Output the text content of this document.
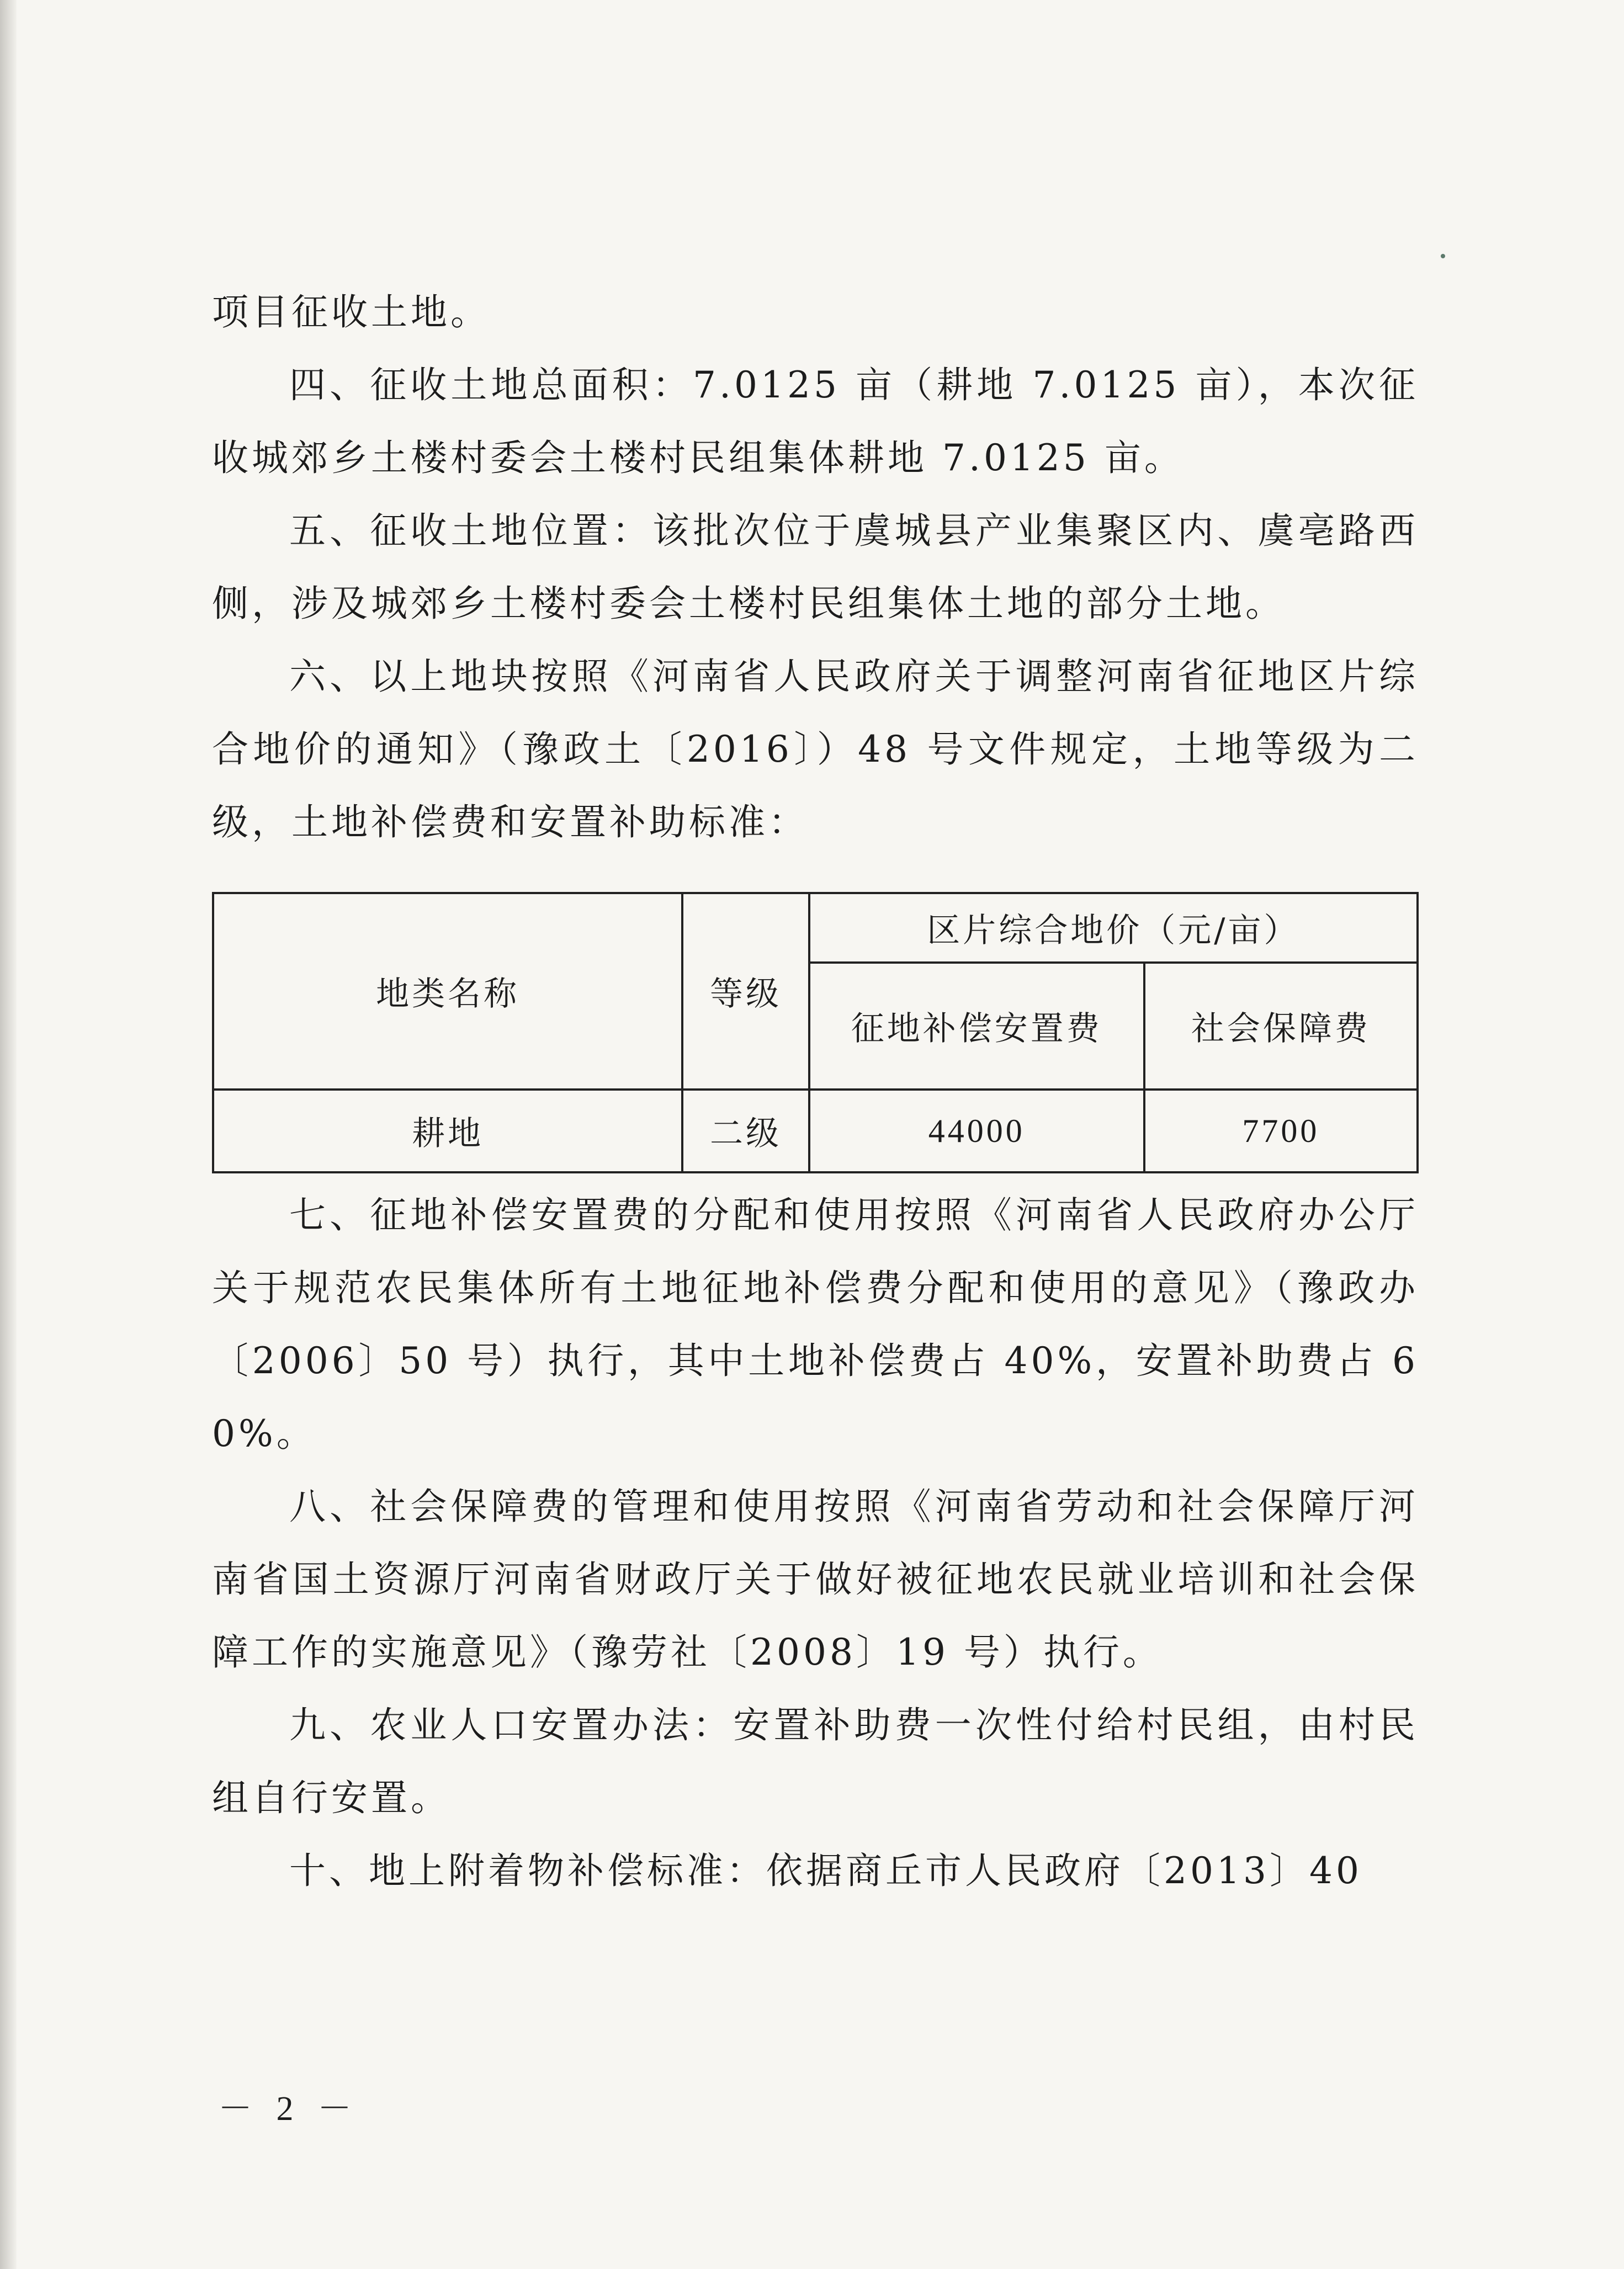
项目征收土地。

四、征收土地总面积：7.0125 亩（耕地 7.0125 亩），本次征收城郊乡土楼村委会土楼村民组集体耕地 7.0125 亩。

五、征收土地位置：该批次位于虞城县产业集聚区内、虞亳路西侧，涉及城郊乡土楼村委会土楼村民组集体土地的部分土地。

六、以上地块按照《河南省人民政府关于调整河南省征地区片综合地价的通知》（豫政土〔2016〕）48 号文件规定，土地等级为二级，土地补偿费和安置补助标准：

地类名称	等级	区片综合地价（元/亩）	
		征地补偿安置费	社会保障费
耕地	二级	44000	7700

七、征地补偿安置费的分配和使用按照《河南省人民政府办公厅关于规范农民集体所有土地征地补偿费分配和使用的意见》（豫政办〔2006〕50 号）执行，其中土地补偿费占 40%，安置补助费占 60%。

八、社会保障费的管理和使用按照《河南省劳动和社会保障厅河南省国土资源厅河南省财政厅关于做好被征地农民就业培训和社会保障工作的实施意见》（豫劳社〔2008〕19 号）执行。

九、农业人口安置办法：安置补助费一次性付给村民组，由村民组自行安置。

十、地上附着物补偿标准：依据商丘市人民政府〔2013〕40

－ 2 －
